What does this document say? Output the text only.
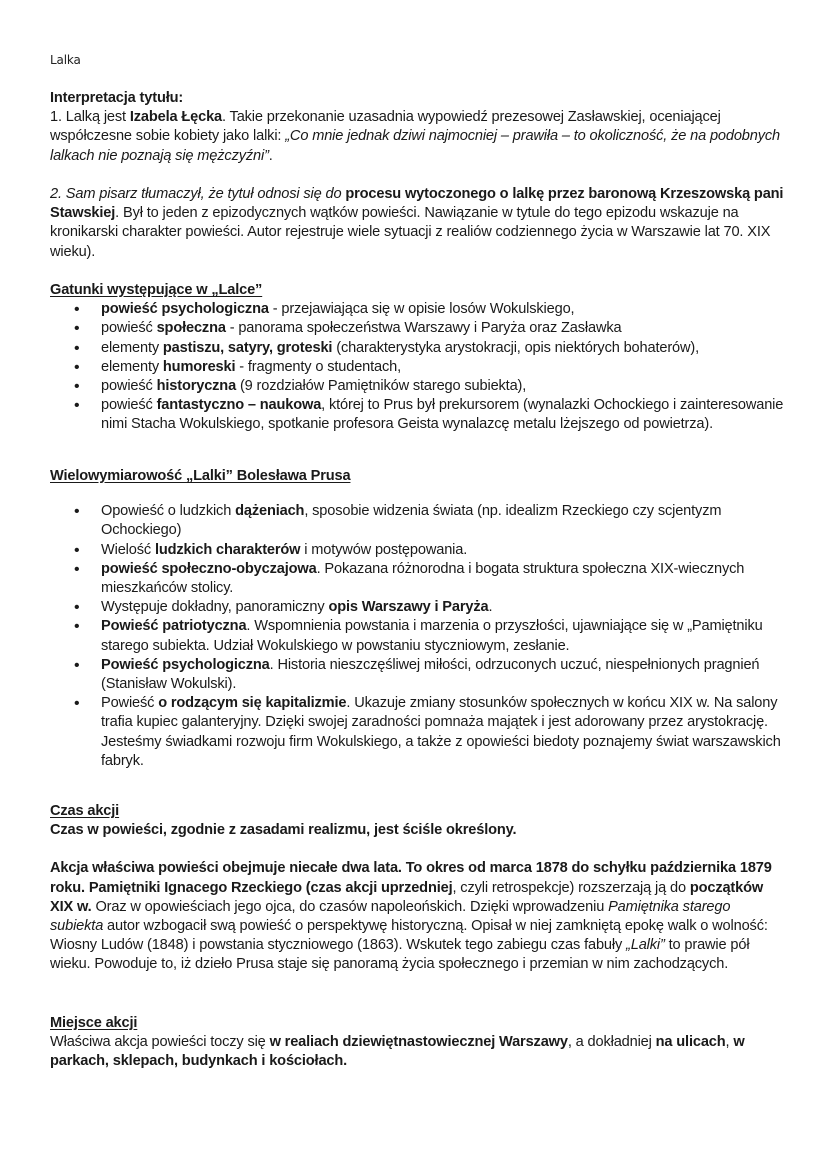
Lalka
Interpretacja tytułu:

1. Lalką jest Izabela Łęcka. Takie przekonanie uzasadnia wypowiedź prezesowej Zasławskiej, oceniającej współczesne sobie kobiety jako lalki: „Co mnie jednak dziwi najmocniej – prawiła – to okoliczność, że na podobnych lalkach nie poznają się mężczyźni”.

2. Sam pisarz tłumaczył, że tytuł odnosi się do procesu wytoczonego o lalkę przez baronową Krzeszowską pani Stawskiej. Był to jeden z epizodycznych wątków powieści. Nawiązanie w tytule do tego epizodu wskazuje na kronikarski charakter powieści. Autor rejestruje wiele sytuacji z realiów codziennego życia w Warszawie lat 70. XIX wieku).

Gatunki występujące w „Lalce”
• powieść psychologiczna - przejawiająca się w opisie losów Wokulskiego,
• powieść społeczna - panorama społeczeństwa Warszawy i Paryża oraz Zasławka
• elementy pastiszu, satyry, groteski (charakterystyka arystokracji, opis niektórych bohaterów),
• elementy humoreski - fragmenty o studentach,
• powieść historyczna (9 rozdziałów Pamiętników starego subiekta),
• powieść fantastyczno – naukowa, której to Prus był prekursorem (wynalazki Ochockiego i zainteresowanie nimi Stacha Wokulskiego, spotkanie profesora Geista wynalazcę metalu lżejszego od powietrza).
Wielowymiarowość „Lalki” Bolesława Prusa
• Opowieść o ludzkich dążeniach, sposobie widzenia świata (np. idealizm Rzeckiego czy scjentyzm Ochockiego)
• Wielość ludzkich charakterów i motywów postępowania.
• powieść społeczno-obyczajowa. Pokazana różnorodna i bogata struktura społeczna XIX-wiecznych mieszkańców stolicy.
• Występuje dokładny, panoramiczny opis Warszawy i Paryża.
• Powieść patriotyczna. Wspomnienia powstania i marzenia o przyszłości, ujawniające się w „Pamiętniku starego subiekta. Udział Wokulskiego w powstaniu styczniowym, zesłanie.
• Powieść psychologiczna. Historia nieszczęśliwej miłości, odrzuconych uczuć, niespełnionych pragnień (Stanisław Wokulski).
• Powieść o rodzącym się kapitalizmie. Ukazuje zmiany stosunków społecznych w końcu XIX w. Na salony trafia kupiec galanteryjny. Dzięki swojej zaradności pomnaża majątek i jest adorowany przez arystokrację. Jesteśmy świadkami rozwoju firm Wokulskiego, a także z opowieści biedoty poznajemy świat warszawskich fabryk.
Czas akcji

Czas w powieści, zgodnie z zasadami realizmu, jest ściśle określony.

Akcja właściwa powieści obejmuje niecałe dwa lata. To okres od marca 1878 do schyłku października 1879 roku. Pamiętniki Ignacego Rzeckiego (czas akcji uprzedniej, czyli retrospekcje) rozszerzają ją do początków XIX w. Oraz w opowieściach jego ojca, do czasów napoleońskich. Dzięki wprowadzeniu Pamiętnika starego subiekta autor wzbogacił swą powieść o perspektywę historyczną. Opisał w niej zamkniętą epokę walk o wolność: Wiosny Ludów (1848) i powstania styczniowego (1863). Wskutek tego zabiegu czas fabuły „Lalki” to prawie pół wieku. Powoduje to, iż dzieło Prusa staje się panoramą życia społecznego i przemian w nim zachodzących.

Miejsce akcji

Właściwa akcja powieści toczy się w realiach dziewiętnastowiecznej Warszawy, a dokładniej na ulicach, w parkach, sklepach, budynkach i kościołach.
